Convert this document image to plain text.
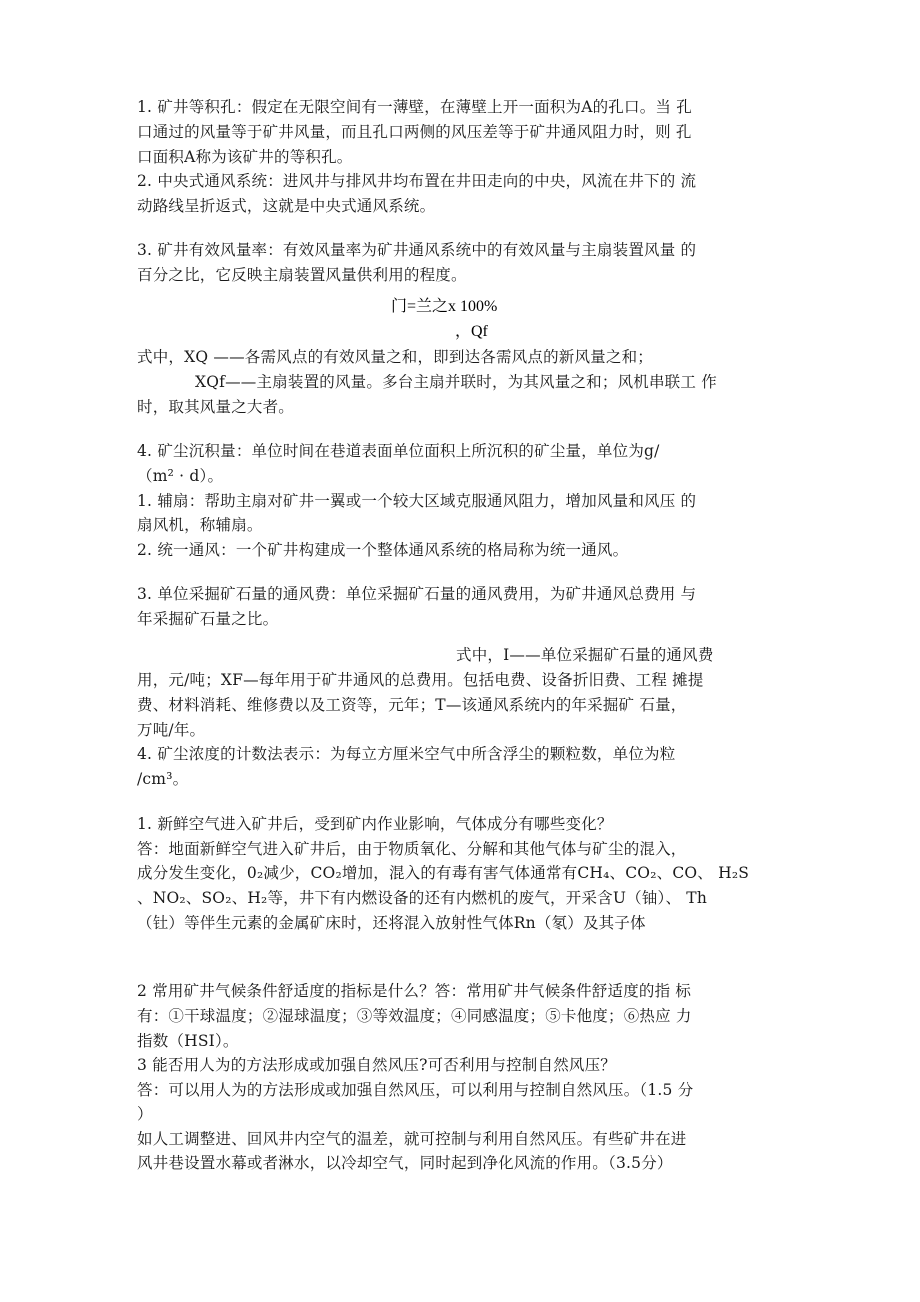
1. 矿井等积孔：假定在无限空间有一薄壁，在薄壁上开一面积为A的孔口。当 孔
口通过的风量等于矿井风量，而且孔口两侧的风压差等于矿井通风阻力时，则 孔
口面积A称为该矿井的等积孔。
2. 中央式通风系统：进风井与排风井均布置在井田走向的中央，风流在井下的 流
动路线呈折返式，这就是中央式通风系统。
3. 矿井有效风量率：有效风量率为矿井通风系统中的有效风量与主扇装置风量 的
百分之比，它反映主扇装置风量供利用的程度。
式中，XQ ——各需风点的有效风量之和，即到达各需风点的新风量之和；
XQf——主扇装置的风量。多台主扇并联时，为其风量之和；风机串联工 作
时，取其风量之大者。
4. 矿尘沉积量：单位时间在巷道表面单位面积上所沉积的矿尘量，单位为g/
（m² · d）。
1. 辅扇：帮助主扇对矿井一翼或一个较大区域克服通风阻力，增加风量和风压 的
扇风机，称辅扇。
2. 统一通风：一个矿井构建成一个整体通风系统的格局称为统一通风。
3. 单位采掘矿石量的通风费：单位采掘矿石量的通风费用，为矿井通风总费用 与
年采掘矿石量之比。
式中，I——单位采掘矿石量的通风费
用，元/吨；XF—每年用于矿井通风的总费用。包括电费、设备折旧费、工程 摊提
费、材料消耗、维修费以及工资等，元年；T—该通风系统内的年采掘矿 石量，
万吨/年。
4. 矿尘浓度的计数法表示：为每立方厘米空气中所含浮尘的颗粒数，单位为粒
/cm³。
1. 新鲜空气进入矿井后，受到矿内作业影响，气体成分有哪些变化？
答：地面新鲜空气进入矿井后，由于物质氧化、分解和其他气体与矿尘的混入，
成分发生变化，0₂减少，CO₂增加，混入的有毒有害气体通常有CH₄、CO₂、CO、 H₂S
、NO₂、SO₂、H₂等，井下有内燃设备的还有内燃机的废气，开采含U（铀）、 Th
（钍）等伴生元素的金属矿床时，还将混入放射性气体Rn（氡）及其子体
2 常用矿井气候条件舒适度的指标是什么？答：常用矿井气候条件舒适度的指 标
有：①干球温度；②湿球温度；③等效温度；④同感温度；⑤卡他度；⑥热应 力
指数（HSI）。
3 能否用人为的方法形成或加强自然风压?可否利用与控制自然风压？
答：可以用人为的方法形成或加强自然风压，可以利用与控制自然风压。（1.5 分
）
如人工调整进、回风井内空气的温差，就可控制与利用自然风压。有些矿井在进
风井巷设置水幕或者淋水，以冷却空气，同时起到净化风流的作用。（3.5分）
门=兰之x 100%
，Qf
